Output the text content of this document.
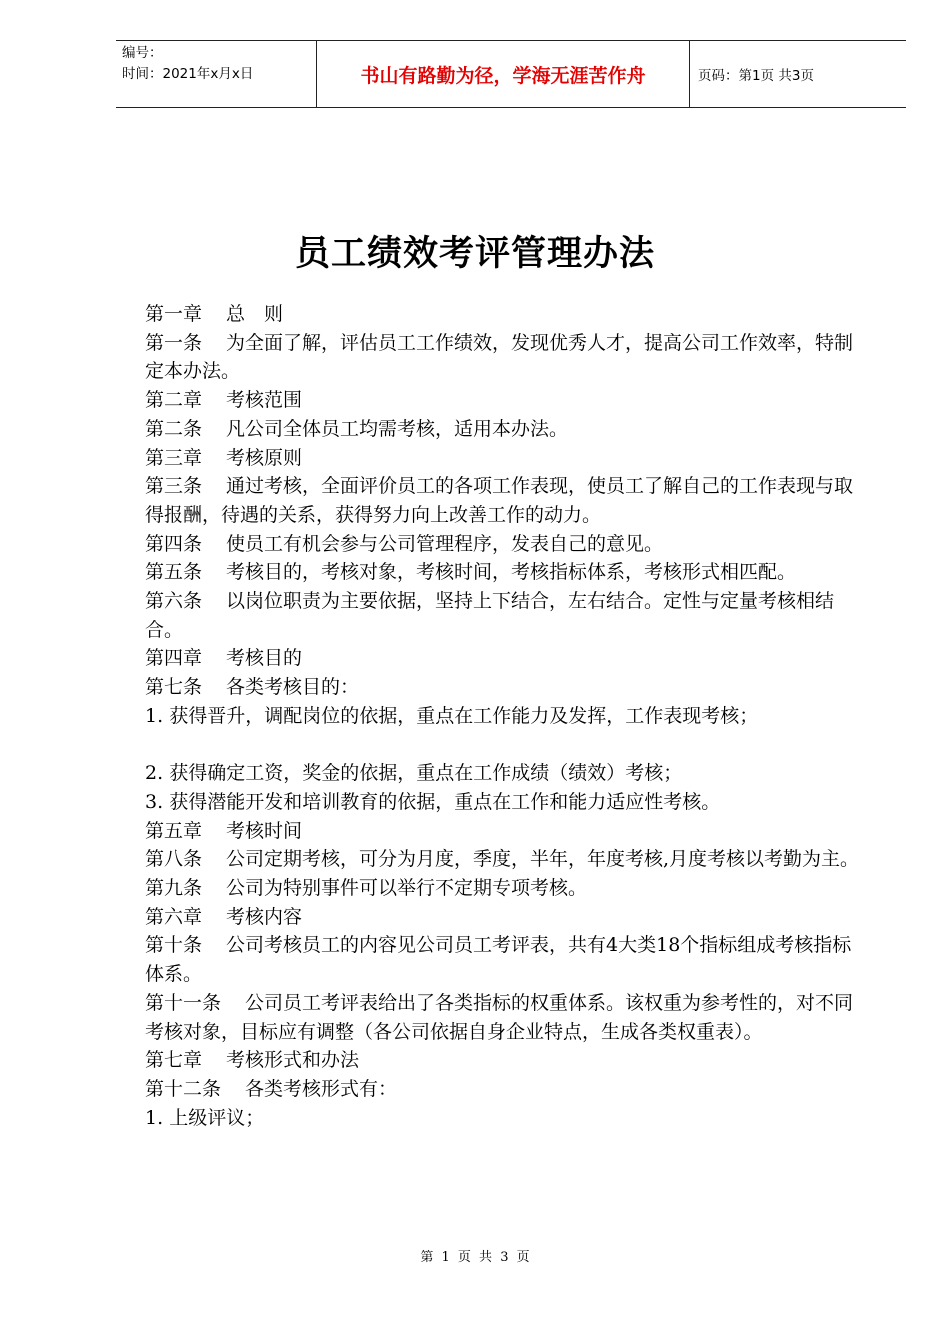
编号：
时间：2021年x月x日	书山有路勤为径，学海无涯苦作舟	页码：第1页 共3页
员工绩效考评管理办法
第一章 总　则
第一条 为全面了解，评估员工工作绩效，发现优秀人才，提高公司工作效率，特制定本办法。
第二章 考核范围
第二条 凡公司全体员工均需考核，适用本办法。
第三章 考核原则
第三条 通过考核，全面评价员工的各项工作表现，使员工了解自己的工作表现与取得报酬，待遇的关系，获得努力向上改善工作的动力。
第四条 使员工有机会参与公司管理程序，发表自己的意见。
第五条 考核目的，考核对象，考核时间，考核指标体系，考核形式相匹配。
第六条 以岗位职责为主要依据，坚持上下结合，左右结合。定性与定量考核相结合。
第四章 考核目的
第七条 各类考核目的：
1. 获得晋升，调配岗位的依据，重点在工作能力及发挥，工作表现考核；
2. 获得确定工资，奖金的依据，重点在工作成绩（绩效）考核；
3. 获得潜能开发和培训教育的依据，重点在工作和能力适应性考核。
第五章 考核时间
第八条 公司定期考核，可分为月度，季度，半年，年度考核,月度考核以考勤为主。
第九条 公司为特别事件可以举行不定期专项考核。
第六章 考核内容
第十条 公司考核员工的内容见公司员工考评表，共有4大类18个指标组成考核指标体系。
第十一条 公司员工考评表给出了各类指标的权重体系。该权重为参考性的，对不同考核对象，目标应有调整（各公司依据自身企业特点，生成各类权重表）。
第七章 考核形式和办法
第十二条 各类考核形式有：
1. 上级评议；
第 1 页 共 3 页
